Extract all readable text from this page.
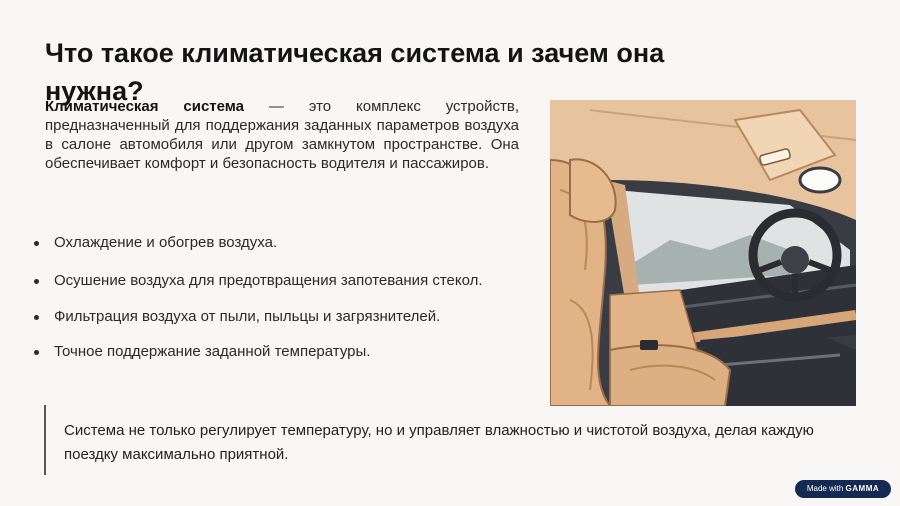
Что такое климатическая система и зачем она нужна?

Климатическая система — это комплекс устройств, предназначенный для поддержания заданных параметров воздуха в салоне автомобиля или другом замкнутом пространстве. Она обеспечивает комфорт и безопасность водителя и пассажиров.

Охлаждение и обогрев воздуха.
Осушение воздуха для предотвращения запотевания стекол.
Фильтрация воздуха от пыли, пыльцы и загрязнителей.
Точное поддержание заданной температуры.

Система не только регулирует температуру, но и управляет влажностью и чистотой воздуха, делая каждую поездку максимально приятной.

Made with GAMMA
